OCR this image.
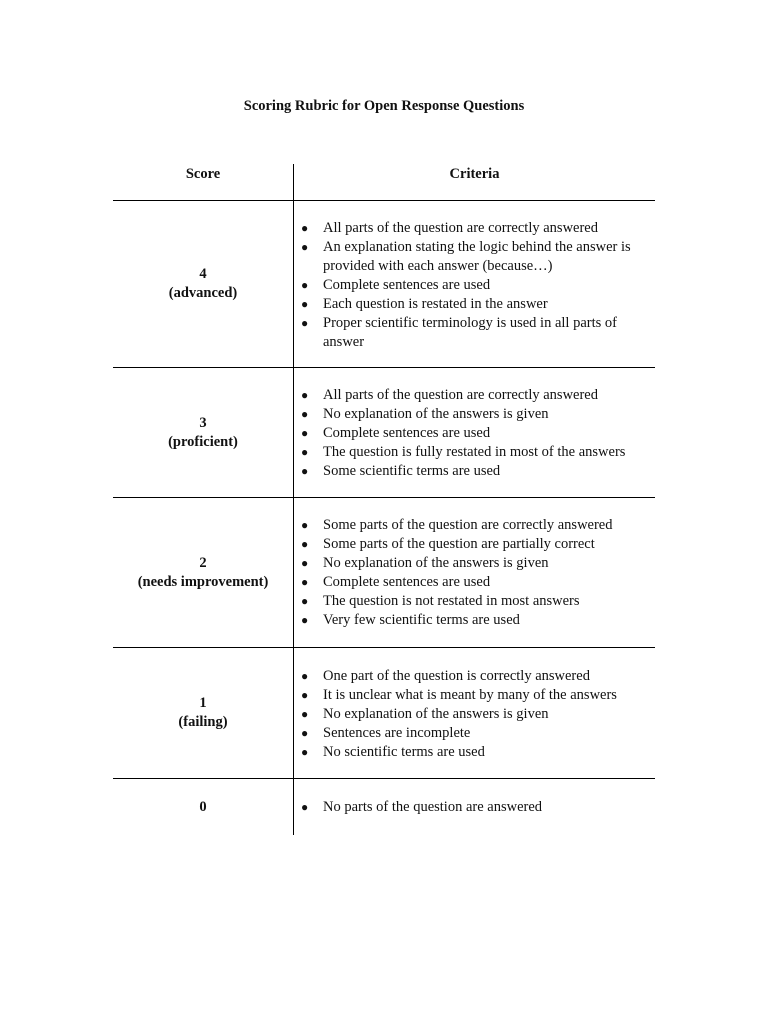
Scoring Rubric for Open Response Questions
Score	Criteria
4
(advanced)
● All parts of the question are correctly answered
● An explanation stating the logic behind the answer is provided with each answer (because…)
● Complete sentences are used
● Each question is restated in the answer
● Proper scientific terminology is used in all parts of answer
3
(proficient)
● All parts of the question are correctly answered
● No explanation of the answers is given
● Complete sentences are used
● The question is fully restated in most of the answers
● Some scientific terms are used
2
(needs improvement)
● Some parts of the question are correctly answered
● Some parts of the question are partially correct
● No explanation of the answers is given
● Complete sentences are used
● The question is not restated in most answers
● Very few scientific terms are used
1
(failing)
● One part of the question is correctly answered
● It is unclear what is meant by many of the answers
● No explanation of the answers is given
● Sentences are incomplete
● No scientific terms are used
0	● No parts of the question are answered
